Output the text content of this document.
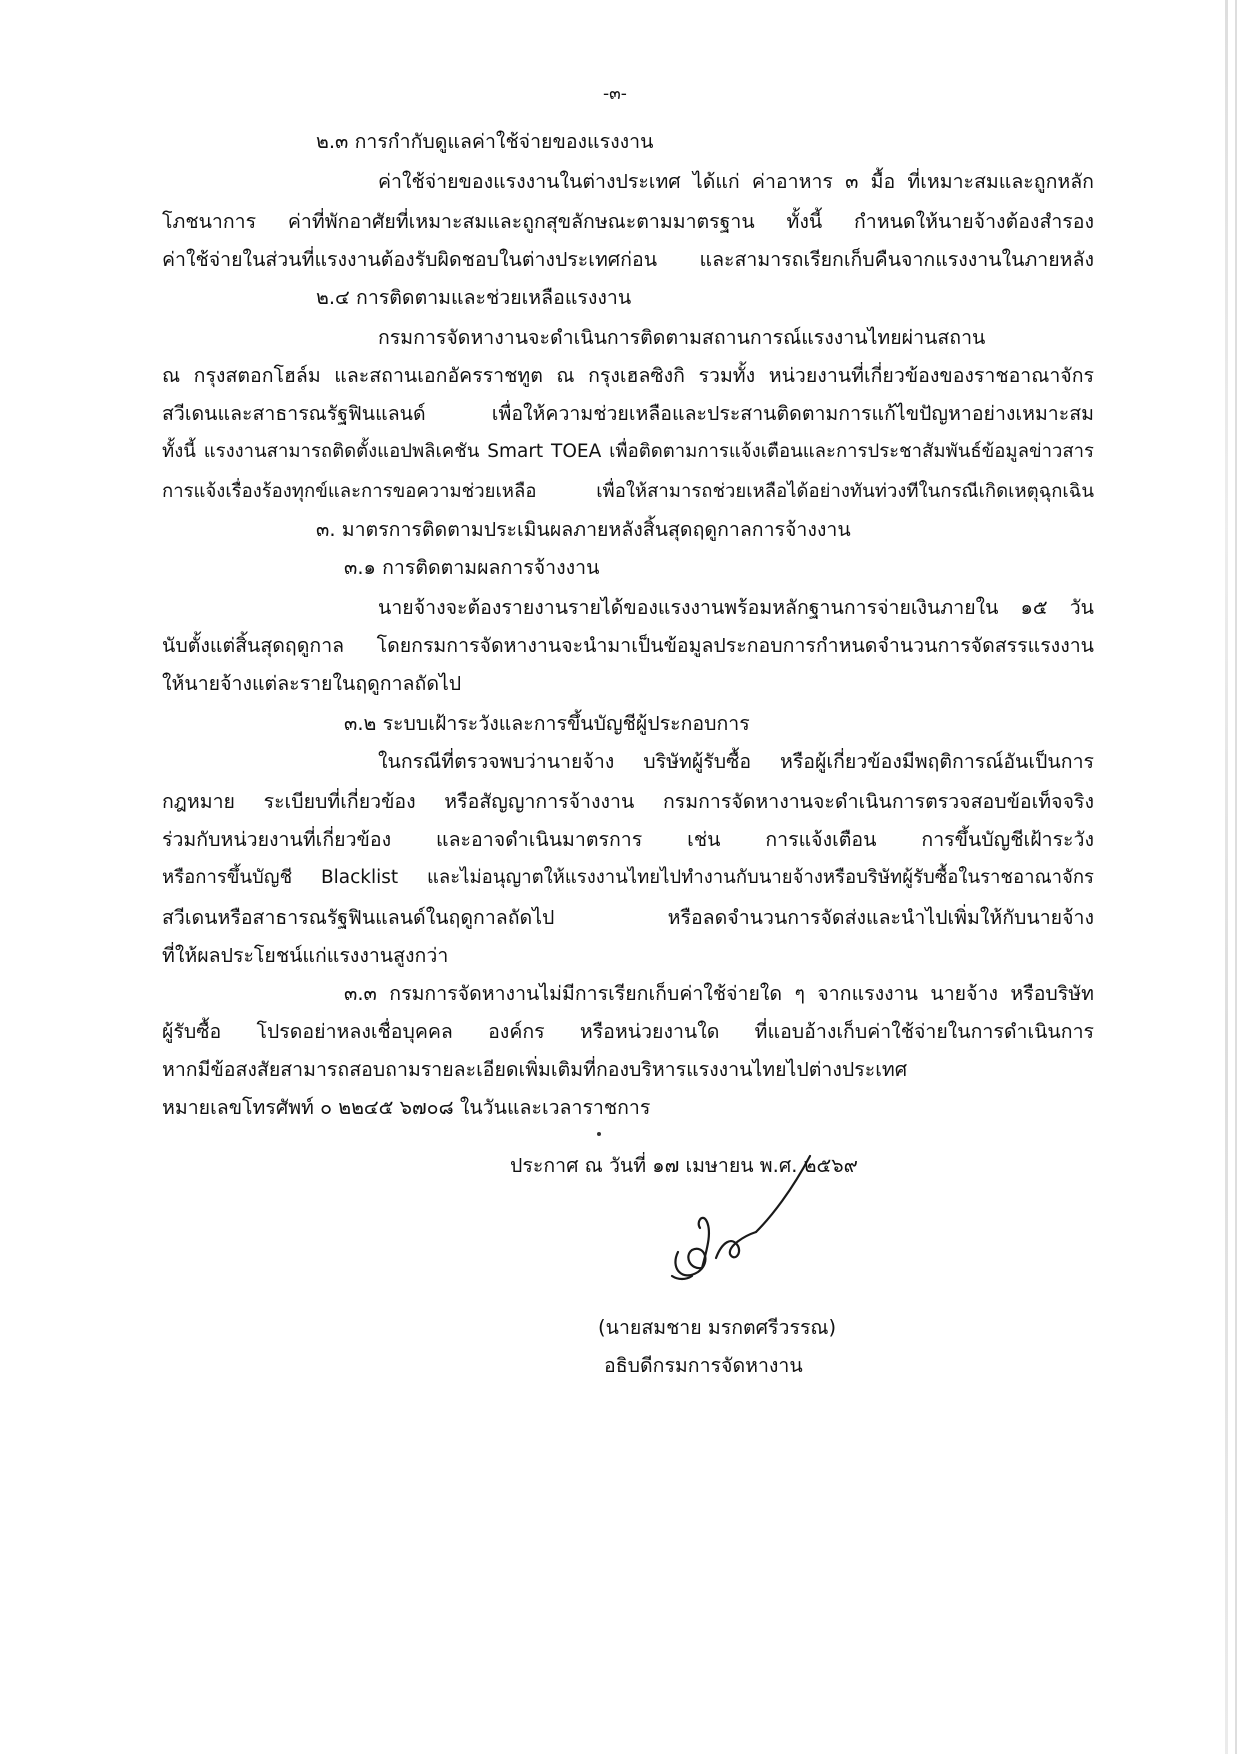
-๓-
๒.๓ การกำกับดูแลค่าใช้จ่ายของแรงงาน
ค่าใช้จ่ายของแรงงานในต่างประเทศ ได้แก่ ค่าอาหาร ๓ มื้อ ที่เหมาะสมและถูกหลัก
โภชนาการ ค่าที่พักอาศัยที่เหมาะสมและถูกสุขลักษณะตามมาตรฐาน ทั้งนี้ กำหนดให้นายจ้างต้องสำรอง
ค่าใช้จ่ายในส่วนที่แรงงานต้องรับผิดชอบในต่างประเทศก่อน และสามารถเรียกเก็บคืนจากแรงงานในภายหลัง
๒.๔ การติดตามและช่วยเหลือแรงงาน
กรมการจัดหางานจะดำเนินการติดตามสถานการณ์แรงงานไทยผ่านสถาน
ณ กรุงสตอกโฮล์ม และสถานเอกอัครราชทูต ณ กรุงเฮลซิงกิ รวมทั้ง หน่วยงานที่เกี่ยวข้องของราชอาณาจักร
สวีเดนและสาธารณรัฐฟินแลนด์ เพื่อให้ความช่วยเหลือและประสานติดตามการแก้ไขปัญหาอย่างเหมาะสม
ทั้งนี้ แรงงานสามารถติดตั้งแอปพลิเคชัน Smart TOEA เพื่อติดตามการแจ้งเตือนและการประชาสัมพันธ์ข้อมูลข่าวสาร
การแจ้งเรื่องร้องทุกข์และการขอความช่วยเหลือ เพื่อให้สามารถช่วยเหลือได้อย่างทันท่วงทีในกรณีเกิดเหตุฉุกเฉิน
๓. มาตรการติดตามประเมินผลภายหลังสิ้นสุดฤดูกาลการจ้างงาน
๓.๑ การติดตามผลการจ้างงาน
นายจ้างจะต้องรายงานรายได้ของแรงงานพร้อมหลักฐานการจ่ายเงินภายใน ๑๕ วัน
นับตั้งแต่สิ้นสุดฤดูกาล โดยกรมการจัดหางานจะนำมาเป็นข้อมูลประกอบการกำหนดจำนวนการจัดสรรแรงงาน
ให้นายจ้างแต่ละรายในฤดูกาลถัดไป
๓.๒ ระบบเฝ้าระวังและการขึ้นบัญชีผู้ประกอบการ
ในกรณีที่ตรวจพบว่านายจ้าง บริษัทผู้รับซื้อ หรือผู้เกี่ยวข้องมีพฤติการณ์อันเป็นการ
กฎหมาย ระเบียบที่เกี่ยวข้อง หรือสัญญาการจ้างงาน กรมการจัดหางานจะดำเนินการตรวจสอบข้อเท็จจริง
ร่วมกับหน่วยงานที่เกี่ยวข้อง และอาจดำเนินมาตรการ เช่น การแจ้งเตือน การขึ้นบัญชีเฝ้าระวัง
หรือการขึ้นบัญชี Blacklist และไม่อนุญาตให้แรงงานไทยไปทำงานกับนายจ้างหรือบริษัทผู้รับซื้อในราชอาณาจักร
สวีเดนหรือสาธารณรัฐฟินแลนด์ในฤดูกาลถัดไป หรือลดจำนวนการจัดส่งและนำไปเพิ่มให้กับนายจ้าง
ที่ให้ผลประโยชน์แก่แรงงานสูงกว่า
๓.๓ กรมการจัดหางานไม่มีการเรียกเก็บค่าใช้จ่ายใด ๆ จากแรงงาน นายจ้าง หรือบริษัท
ผู้รับซื้อ โปรดอย่าหลงเชื่อบุคคล องค์กร หรือหน่วยงานใด ที่แอบอ้างเก็บค่าใช้จ่ายในการดำเนินการ
หากมีข้อสงสัยสามารถสอบถามรายละเอียดเพิ่มเติมที่กองบริหารแรงงานไทยไปต่างประเทศ
หมายเลขโทรศัพท์ ๐ ๒๒๔๕ ๖๗๐๘ ในวันและเวลาราชการ
ประกาศ ณ วันที่ ๑๗ เมษายน พ.ศ. ๒๕๖๙
(นายสมชาย มรกตศรีวรรณ)
อธิบดีกรมการจัดหางาน
